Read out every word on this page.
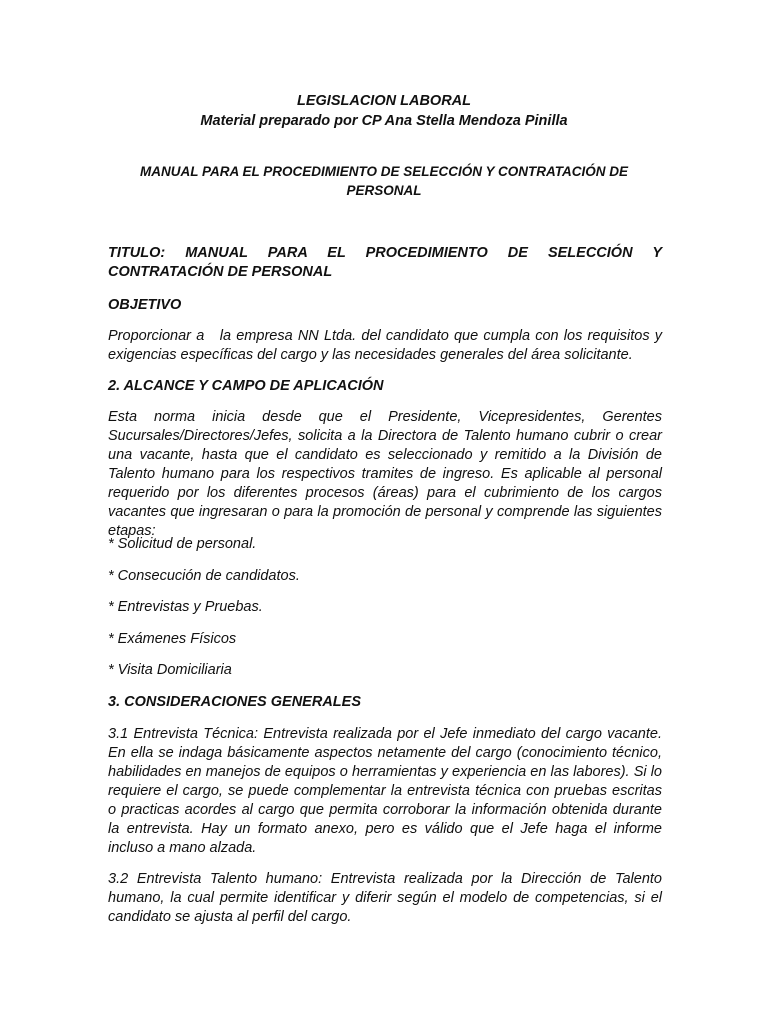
LEGISLACION LABORAL
Material preparado por CP Ana Stella Mendoza Pinilla
MANUAL PARA EL PROCEDIMIENTO DE SELECCIÓN Y CONTRATACIÓN DE PERSONAL
TITULO: MANUAL PARA EL PROCEDIMIENTO DE SELECCIÓN Y CONTRATACIÓN DE PERSONAL
OBJETIVO
Proporcionar a   la empresa NN Ltda. del candidato que cumpla con los requisitos y exigencias específicas del cargo y las necesidades generales del área solicitante.
2. ALCANCE Y CAMPO DE APLICACIÓN
Esta norma inicia desde que el Presidente, Vicepresidentes, Gerentes Sucursales/Directores/Jefes, solicita a la Directora de Talento humano cubrir o crear una vacante, hasta que el candidato es seleccionado y remitido a la División de Talento humano para los respectivos tramites de ingreso. Es aplicable al personal requerido por los diferentes procesos (áreas) para el cubrimiento de los cargos vacantes que ingresaran o para la promoción de personal y comprende las siguientes etapas:
* Solicitud de personal.
* Consecución de candidatos.
* Entrevistas y Pruebas.
* Exámenes Físicos
* Visita Domiciliaria
3. CONSIDERACIONES GENERALES
3.1 Entrevista Técnica: Entrevista realizada por el Jefe inmediato del cargo vacante. En ella se indaga básicamente aspectos netamente del cargo (conocimiento técnico, habilidades en manejos de equipos o herramientas y experiencia en las labores). Si lo requiere el cargo, se puede complementar la entrevista técnica con pruebas escritas o practicas acordes al cargo que permita corroborar la información obtenida durante la entrevista. Hay un formato anexo, pero es válido que el Jefe haga el informe incluso a mano alzada.
3.2 Entrevista Talento humano: Entrevista realizada por la Dirección de Talento humano, la cual permite identificar y diferir según el modelo de competencias, si el candidato se ajusta al perfil del cargo.
